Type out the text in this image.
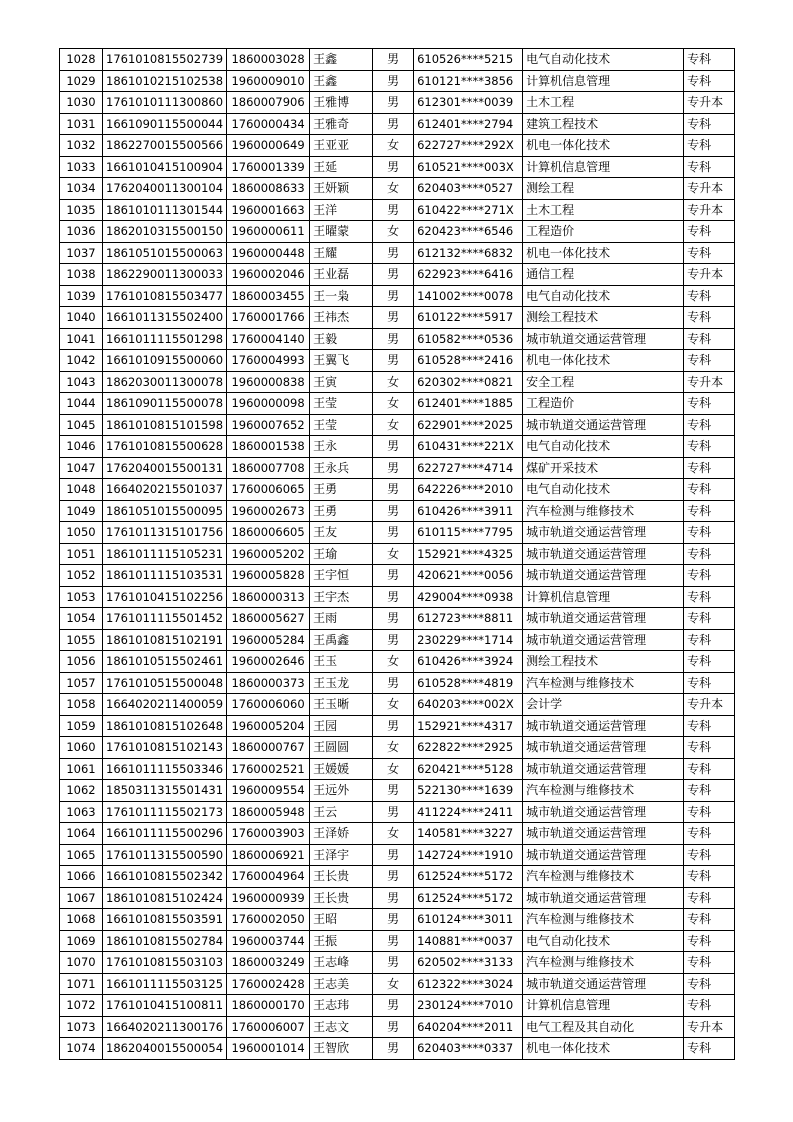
1028	1761010815502739	1860003028	王鑫	男	610526****5215	电气自动化技术	专科
1029	1861010215102538	1960009010	王鑫	男	610121****3856	计算机信息管理	专科
1030	1761010111300860	1860007906	王雅博	男	612301****0039	土木工程	专升本
1031	1661090115500044	1760000434	王雅奇	男	612401****2794	建筑工程技术	专科
1032	1862270015500566	1960000649	王亚亚	女	622727****292X	机电一体化技术	专科
1033	1661010415100904	1760001339	王延	男	610521****003X	计算机信息管理	专科
1034	1762040011300104	1860008633	王妍颖	女	620403****0527	测绘工程	专升本
1035	1861010111301544	1960001663	王洋	男	610422****271X	土木工程	专升本
1036	1862010315500150	1960000611	王曜蒙	女	620423****6546	工程造价	专科
1037	1861051015500063	1960000448	王耀	男	612132****6832	机电一体化技术	专科
1038	1862290011300033	1960002046	王业磊	男	622923****6416	通信工程	专升本
1039	1761010815503477	1860003455	王一枭	男	141002****0078	电气自动化技术	专科
1040	1661011315502400	1760001766	王祎杰	男	610122****5917	测绘工程技术	专科
1041	1661011115501298	1760004140	王毅	男	610582****0536	城市轨道交通运营管理	专科
1042	1661010915500060	1760004993	王翼飞	男	610528****2416	机电一体化技术	专科
1043	1862030011300078	1960000838	王寅	女	620302****0821	安全工程	专升本
1044	1861090115500078	1960000098	王莹	女	612401****1885	工程造价	专科
1045	1861010815101598	1960007652	王莹	女	622901****2025	城市轨道交通运营管理	专科
1046	1761010815500628	1860001538	王永	男	610431****221X	电气自动化技术	专科
1047	1762040015500131	1860007708	王永兵	男	622727****4714	煤矿开采技术	专科
1048	1664020215501037	1760006065	王勇	男	642226****2010	电气自动化技术	专科
1049	1861051015500095	1960002673	王勇	男	610426****3911	汽车检测与维修技术	专科
1050	1761011315101756	1860006605	王友	男	610115****7795	城市轨道交通运营管理	专科
1051	1861011115105231	1960005202	王瑜	女	152921****4325	城市轨道交通运营管理	专科
1052	1861011115103531	1960005828	王宇恒	男	420621****0056	城市轨道交通运营管理	专科
1053	1761010415102256	1860000313	王宇杰	男	429004****0938	计算机信息管理	专科
1054	1761011115501452	1860005627	王雨	男	612723****8811	城市轨道交通运营管理	专科
1055	1861010815102191	1960005284	王禹鑫	男	230229****1714	城市轨道交通运营管理	专科
1056	1861010515502461	1960002646	王玉	女	610426****3924	测绘工程技术	专科
1057	1761010515500048	1860000373	王玉龙	男	610528****4819	汽车检测与维修技术	专科
1058	1664020211400059	1760006060	王玉晰	女	640203****002X	会计学	专升本
1059	1861010815102648	1960005204	王园	男	152921****4317	城市轨道交通运营管理	专科
1060	1761010815102143	1860000767	王圆圆	女	622822****2925	城市轨道交通运营管理	专科
1061	1661011115503346	1760002521	王媛媛	女	620421****5128	城市轨道交通运营管理	专科
1062	1850311315501431	1960009554	王远外	男	522130****1639	汽车检测与维修技术	专科
1063	1761011115502173	1860005948	王云	男	411224****2411	城市轨道交通运营管理	专科
1064	1661011115500296	1760003903	王泽娇	女	140581****3227	城市轨道交通运营管理	专科
1065	1761011315500590	1860006921	王泽宇	男	142724****1910	城市轨道交通运营管理	专科
1066	1661010815502342	1760004964	王长贵	男	612524****5172	汽车检测与维修技术	专科
1067	1861010815102424	1960000939	王长贵	男	612524****5172	城市轨道交通运营管理	专科
1068	1661010815503591	1760002050	王昭	男	610124****3011	汽车检测与维修技术	专科
1069	1861010815502784	1960003744	王振	男	140881****0037	电气自动化技术	专科
1070	1761010815503103	1860003249	王志峰	男	620502****3133	汽车检测与维修技术	专科
1071	1661011115503125	1760002428	王志美	女	612322****3024	城市轨道交通运营管理	专科
1072	1761010415100811	1860000170	王志玮	男	230124****7010	计算机信息管理	专科
1073	1664020211300176	1760006007	王志文	男	640204****2011	电气工程及其自动化	专升本
1074	1862040015500054	1960001014	王智欣	男	620403****0337	机电一体化技术	专科
